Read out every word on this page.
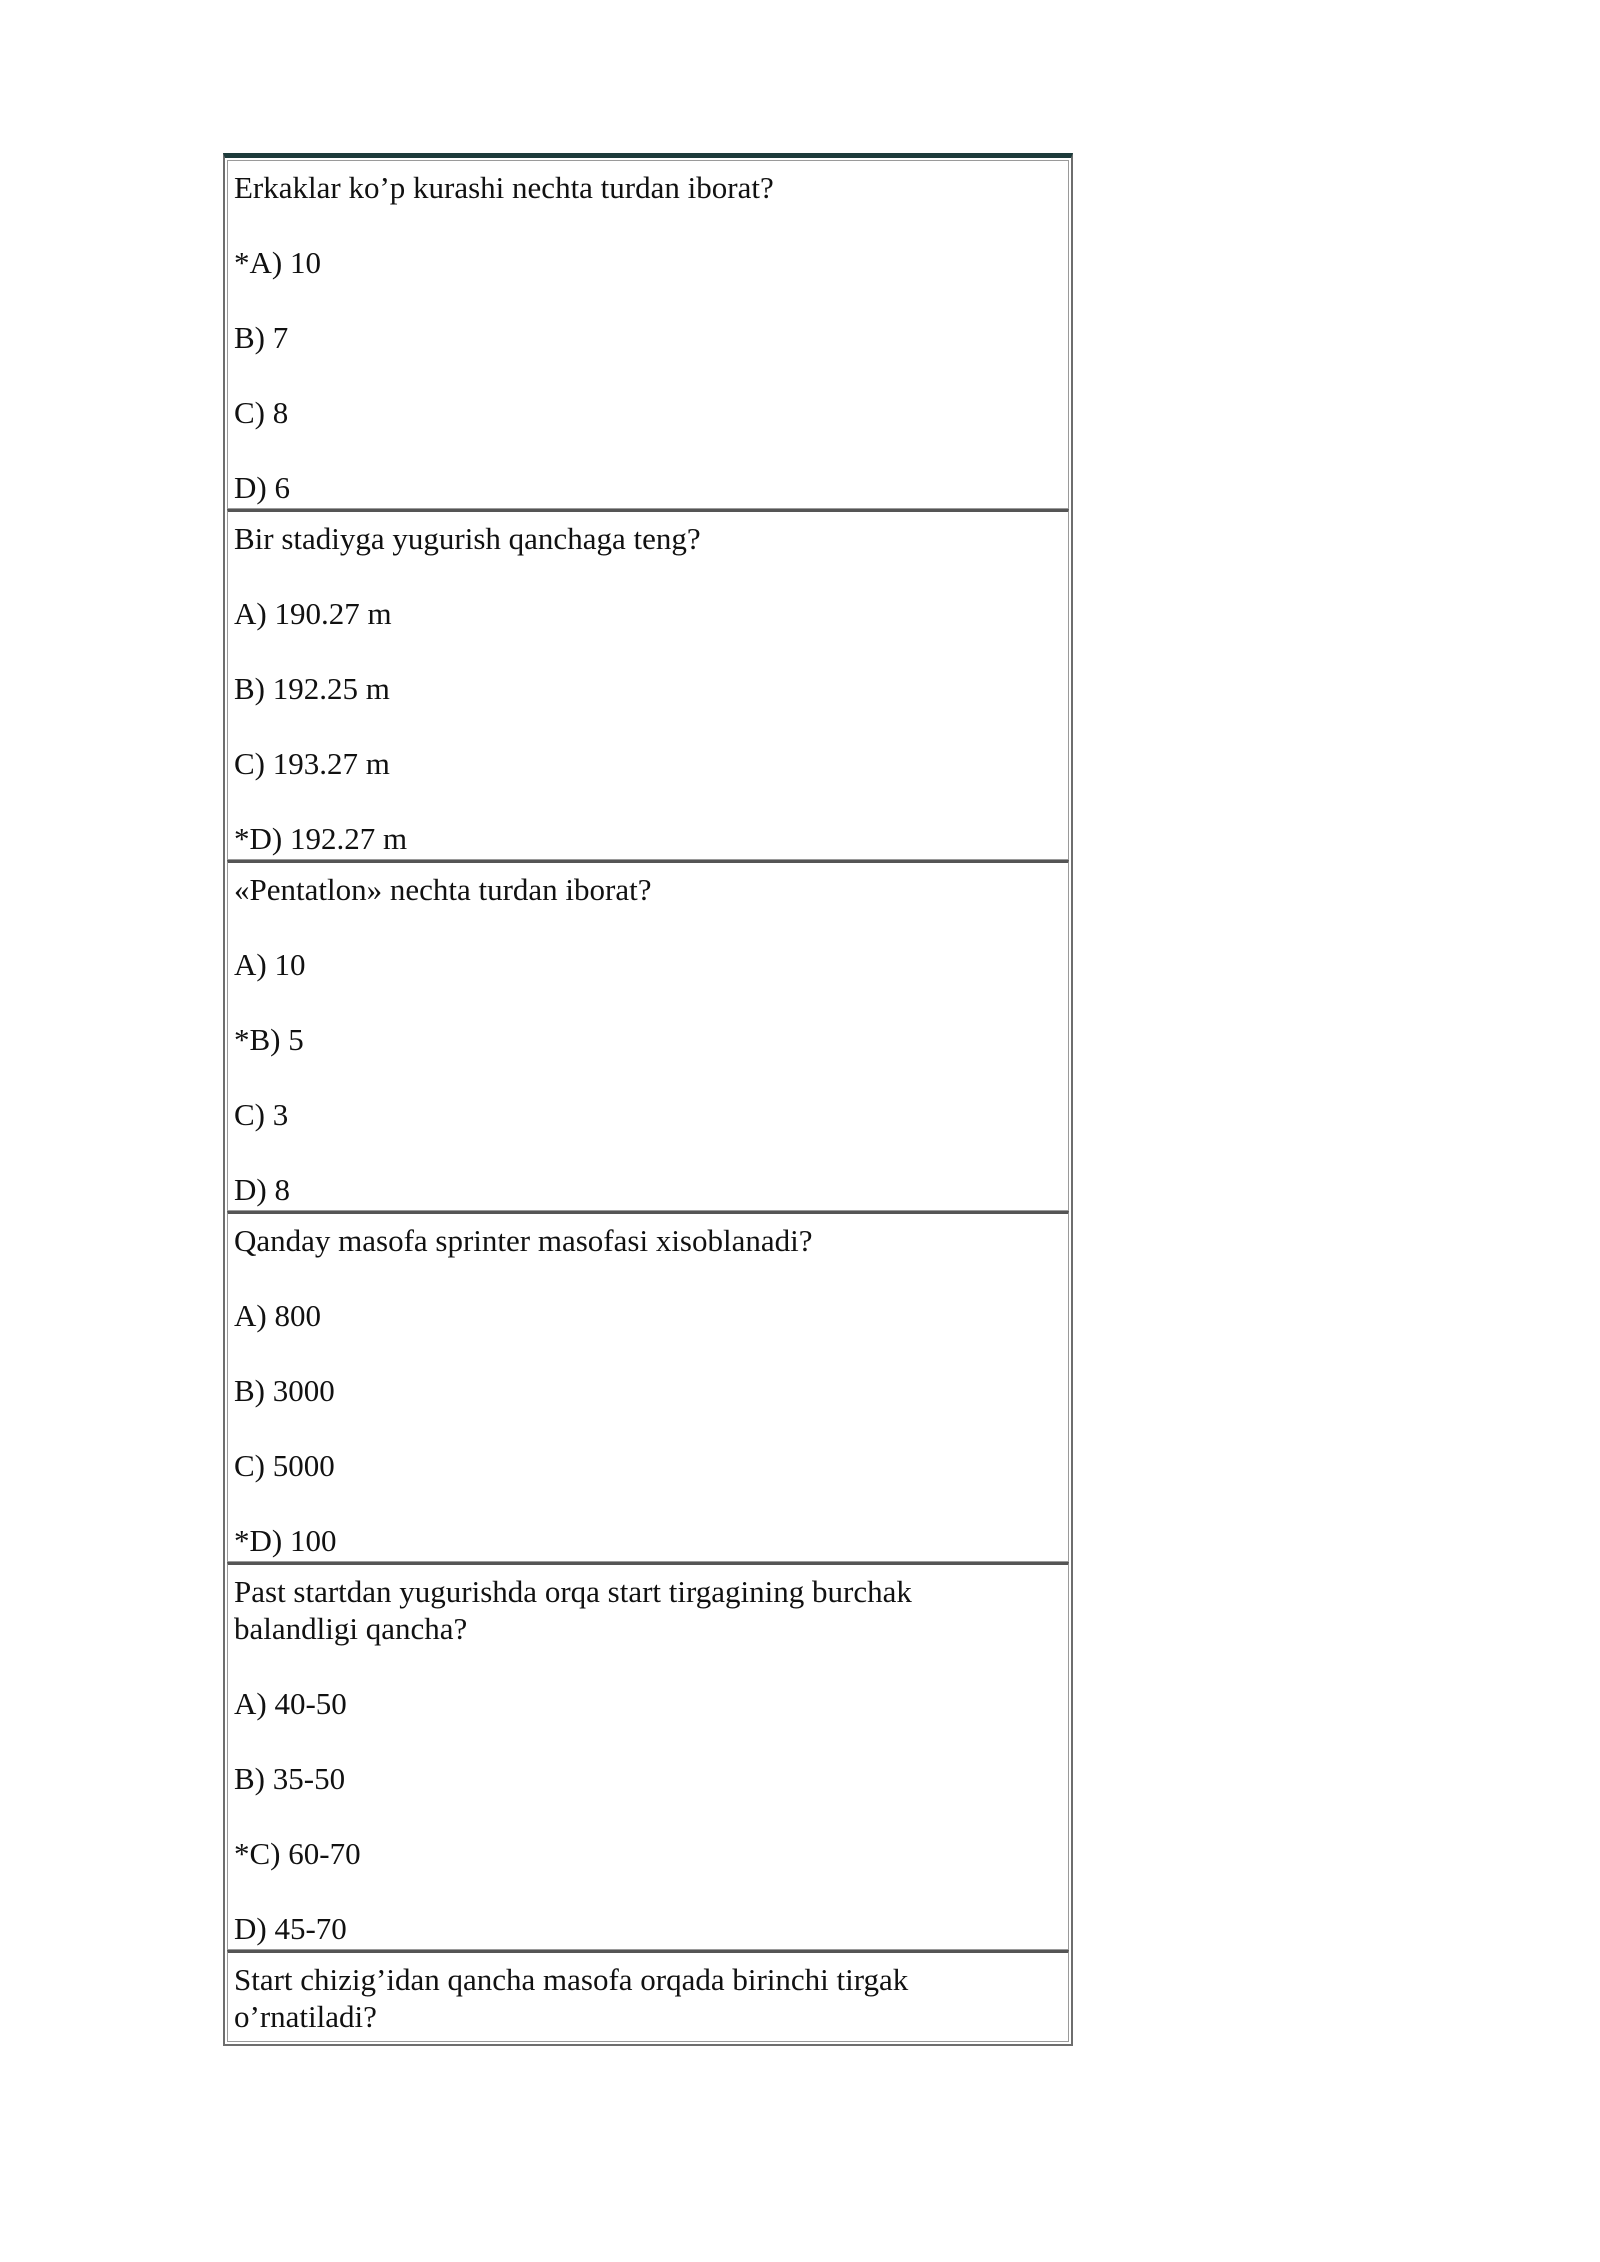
Erkaklar ko’p kurashi nechta turdan iborat?
*A) 10
B) 7
C) 8
D) 6
Bir stadiyga yugurish qanchaga teng?
A) 190.27 m
B) 192.25 m
C) 193.27 m
*D) 192.27 m
«Pentatlon» nechta turdan iborat?
A) 10
*B) 5
C) 3
D) 8
Qanday masofa sprinter masofasi xisoblanadi?
A) 800
B) 3000
C) 5000
*D) 100
Past startdan yugurishda orqa start tirgagining burchak balandligi qancha?
A) 40-50
B) 35-50
*C) 60-70
D) 45-70
Start chizig’idan qancha masofa orqada birinchi tirgak o’rnatiladi?
